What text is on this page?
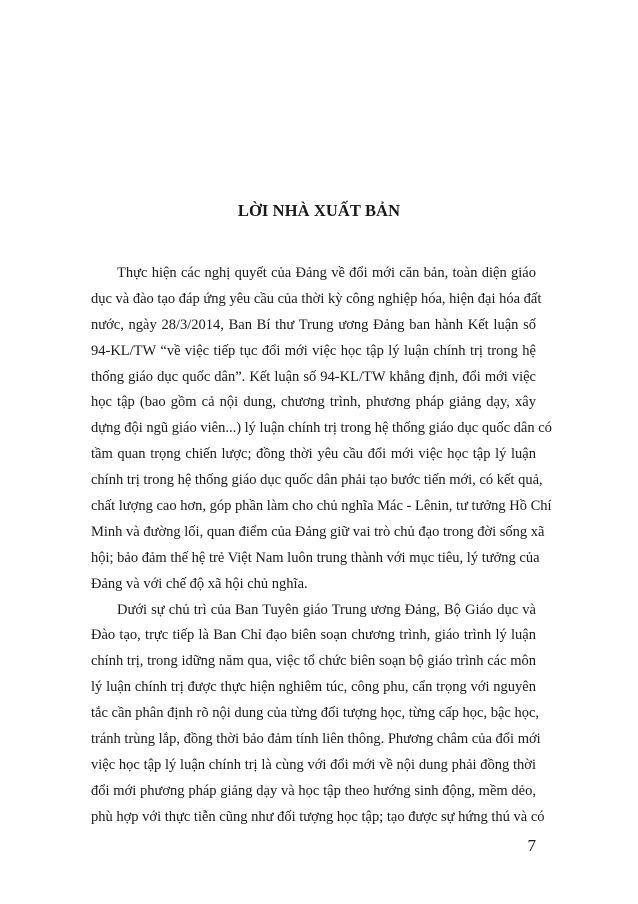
LỜI NHÀ XUẤT BẢN
Thực hiện các nghị quyết của Đảng về đổi mới căn bản, toàn diện giáo
dục và đào tạo đáp ứng yêu cầu của thời kỳ công nghiệp hóa, hiện đại hóa đất
nước, ngày 28/3/2014, Ban Bí thư Trung ương Đảng ban hành Kết luận số
94-KL/TW “về việc tiếp tục đổi mới việc học tập lý luận chính trị trong hệ
thống giáo dục quốc dân”. Kết luận số 94-KL/TW khẳng định, đổi mới việc
học tập (bao gồm cả nội dung, chương trình, phương pháp giảng dạy, xây
dựng đội ngũ giáo viên...) lý luận chính trị trong hệ thống giáo dục quốc dân có
tầm quan trọng chiến lược; đồng thời yêu cầu đổi mới việc học tập lý luận
chính trị trong hệ thống giáo dục quốc dân phải tạo bước tiến mới, có kết quả,
chất lượng cao hơn, góp phần làm cho chủ nghĩa Mác - Lênin, tư tưởng Hồ Chí
Minh và đường lối, quan điểm của Đảng giữ vai trò chủ đạo trong đời sống xã
hội; bảo đảm thế hệ trẻ Việt Nam luôn trung thành với mục tiêu, lý tưởng của
Đảng và với chế độ xã hội chủ nghĩa.
Dưới sự chủ trì của Ban Tuyên giáo Trung ương Đảng, Bộ Giáo dục và
Đào tạo, trực tiếp là Ban Chỉ đạo biên soạn chương trình, giáo trình lý luận
chính trị, trong idững năm qua, việc tổ chức biên soạn bộ giáo trình các môn
lý luận chính trị được thực hiện nghiêm túc, công phu, cẩn trọng với nguyên
tắc cần phân định rõ nội dung của từng đối tượng học, từng cấp học, bậc học,
tránh trùng lắp, đồng thời bảo đảm tính liên thông. Phương châm của đổi mới
việc học tập lý luận chính trị là cùng với đổi mới về nội dung phải đồng thời
đổi mới phương pháp giảng dạy và học tập theo hướng sinh động, mềm dẻo,
phù hợp với thực tiễn cũng như đối tượng học tập; tạo được sự hứng thú và có
7
